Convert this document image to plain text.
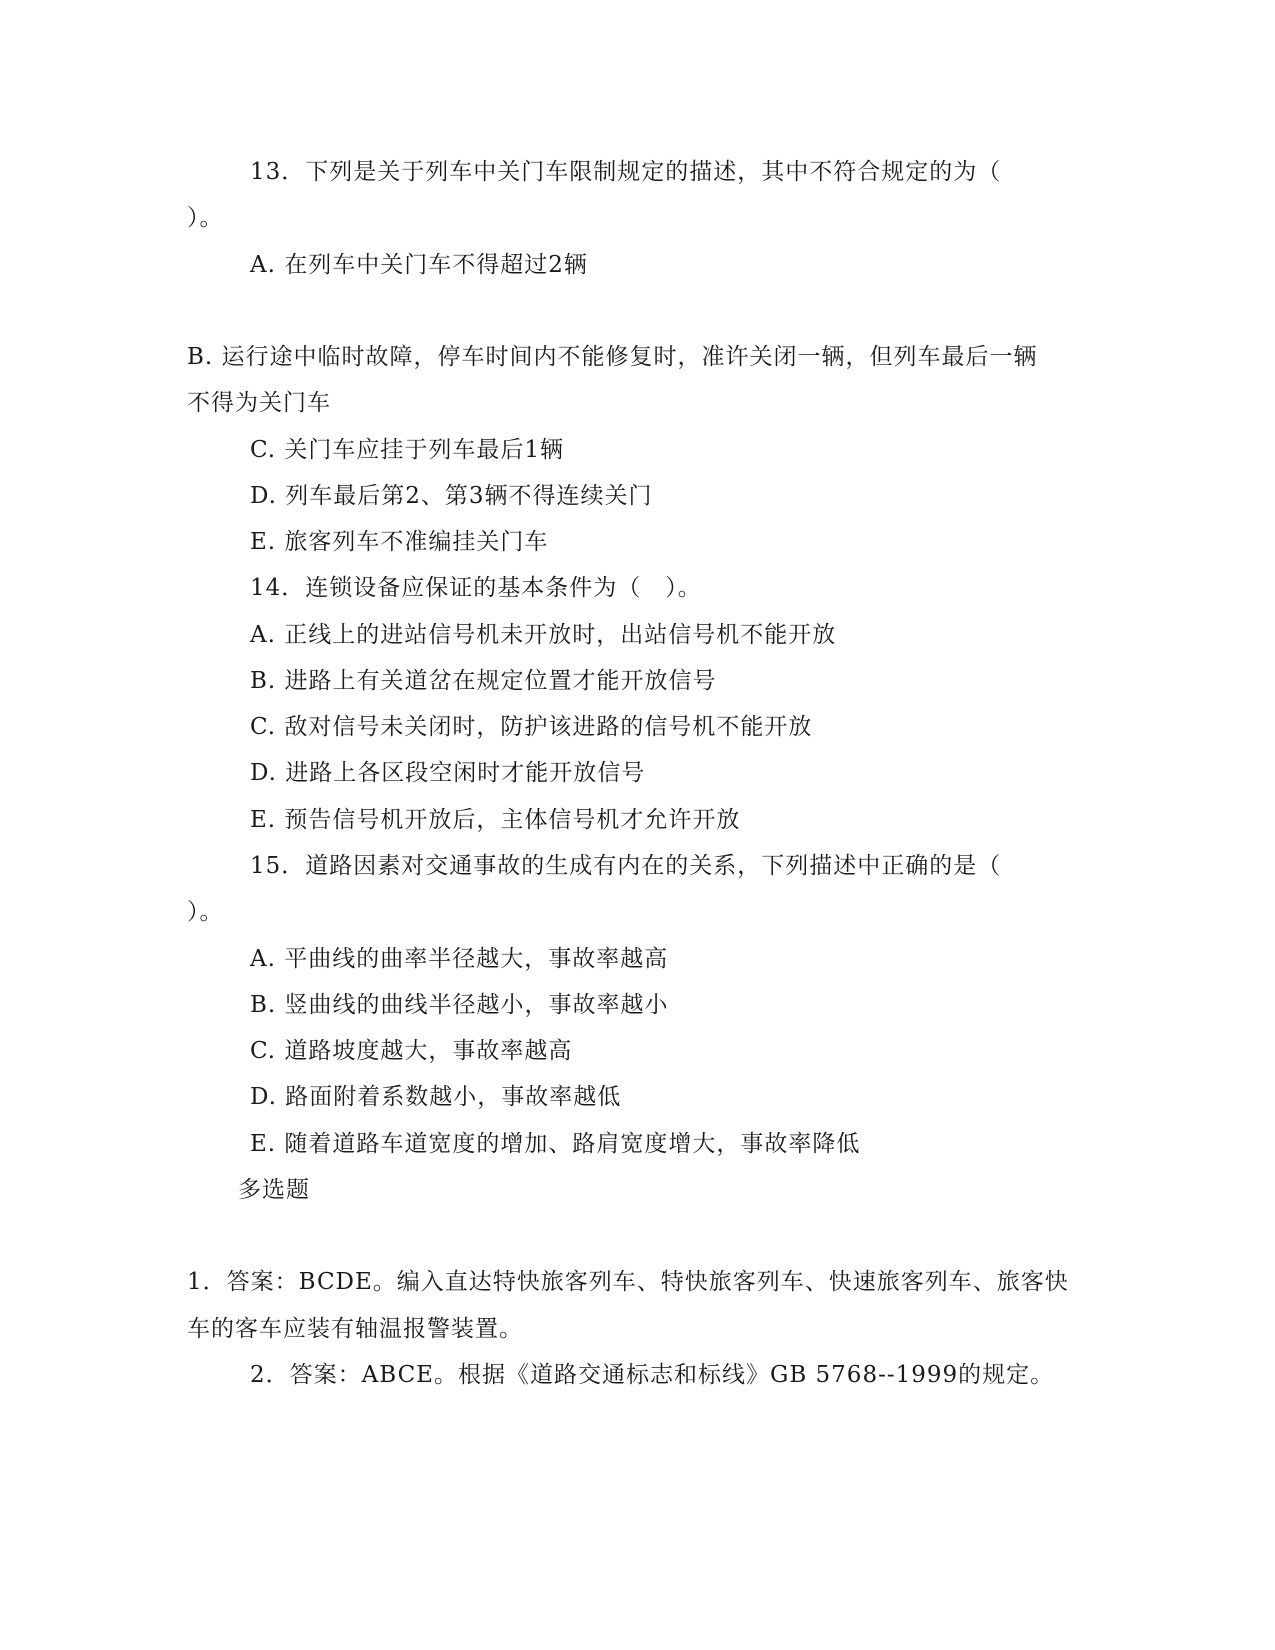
13．下列是关于列车中关门车限制规定的描述，其中不符合规定的为（
）。
A. 在列车中关门车不得超过2辆
B. 运行途中临时故障，停车时间内不能修复时，准许关闭一辆，但列车最后一辆
不得为关门车
C. 关门车应挂于列车最后1辆
D. 列车最后第2、第3辆不得连续关门
E. 旅客列车不准编挂关门车
14．连锁设备应保证的基本条件为（　）。
A. 正线上的进站信号机未开放时，出站信号机不能开放
B. 进路上有关道岔在规定位置才能开放信号
C. 敌对信号未关闭时，防护该进路的信号机不能开放
D. 进路上各区段空闲时才能开放信号
E. 预告信号机开放后，主体信号机才允许开放
15．道路因素对交通事故的生成有内在的关系，下列描述中正确的是（
）。
A. 平曲线的曲率半径越大，事故率越高
B. 竖曲线的曲线半径越小，事故率越小
C. 道路坡度越大，事故率越高
D. 路面附着系数越小，事故率越低
E. 随着道路车道宽度的增加、路肩宽度增大，事故率降低
多选题
1．答案：BCDE。编入直达特快旅客列车、特快旅客列车、快速旅客列车、旅客快
车的客车应装有轴温报警装置。
2．答案：ABCE。根据《道路交通标志和标线》GB 5768--1999的规定。
